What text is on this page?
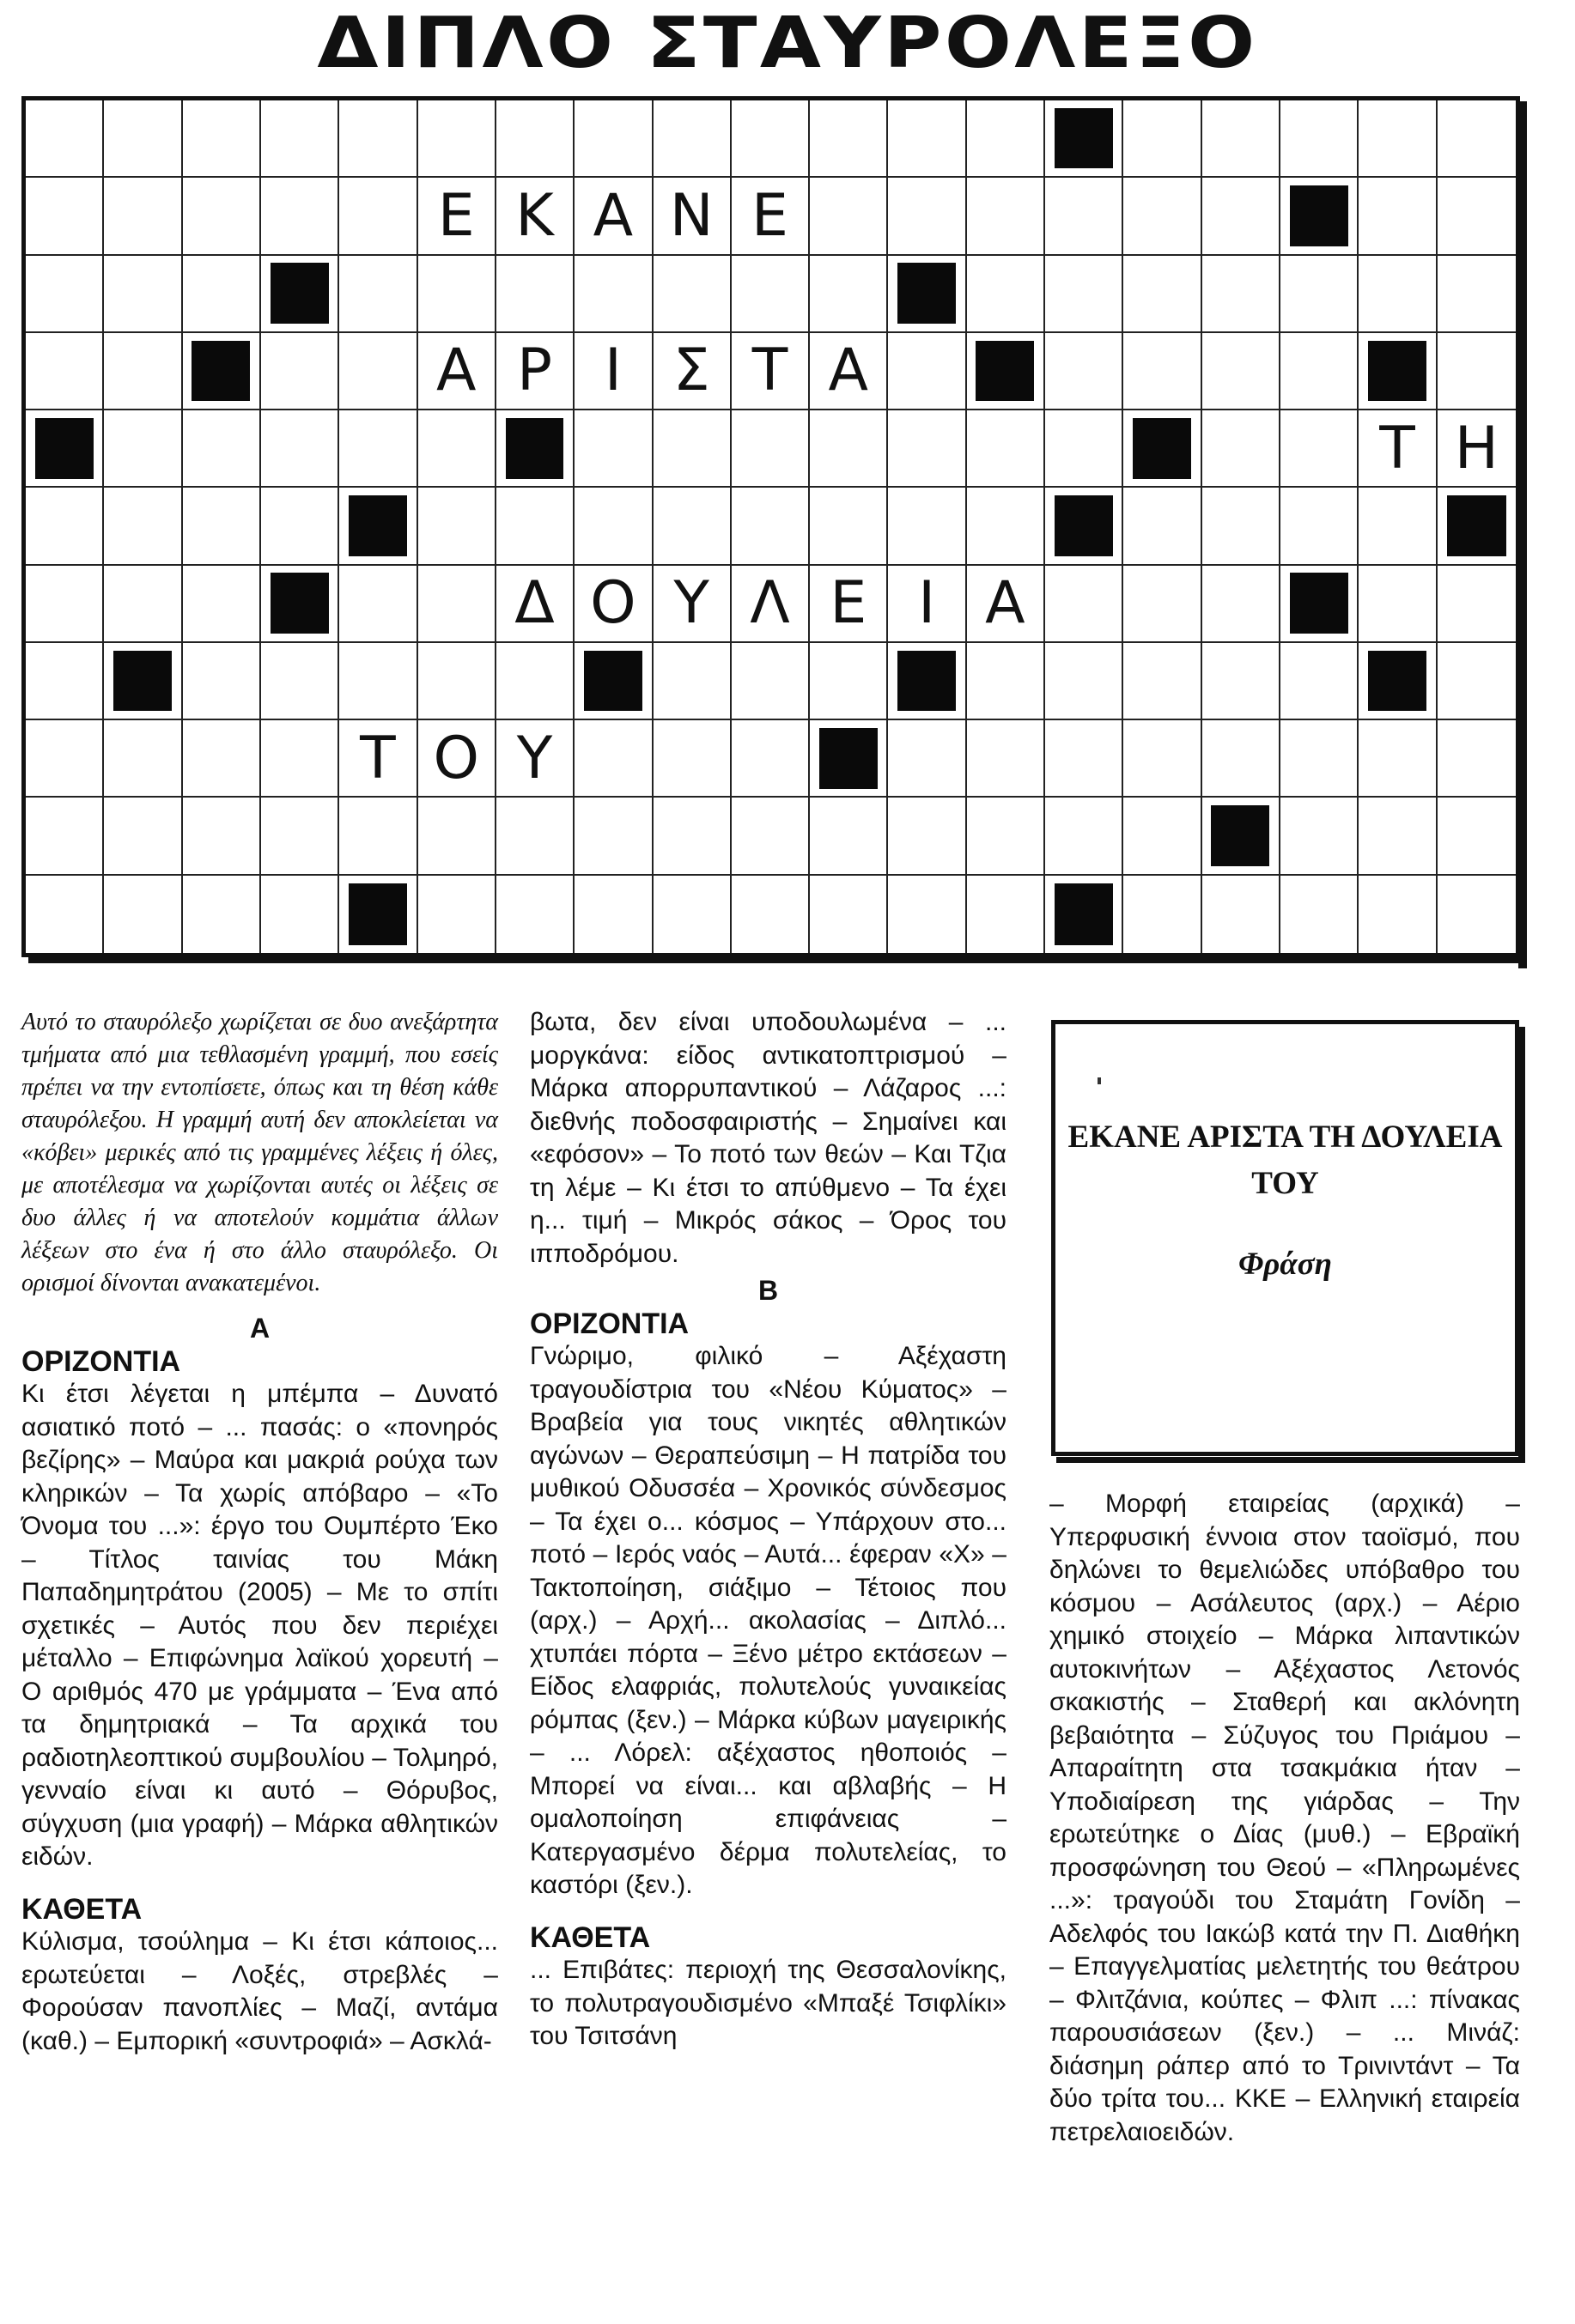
ΔΙΠΛΟ ΣΤΑΥΡΟΛΕΞΟ
Ε Κ Α Ν Ε
Α Ρ Ι Σ Τ Α
Τ Η
Δ Ο Υ Λ Ε Ι Α
Τ Ο Υ
Αυτό το σταυρόλεξο χωρίζεται σε δυο ανεξάρτητα τμήματα από μια τεθλασμένη γραμμή, που εσείς πρέπει να την εντοπίσετε, όπως και τη θέση κάθε σταυρόλεξου. Η γραμμή αυτή δεν αποκλείεται να «κόβει» μερικές από τις γραμμένες λέξεις ή όλες, με αποτέλεσμα να χωρίζονται αυτές οι λέξεις σε δυο άλλες ή να αποτελούν κομμάτια άλλων λέξεων στο ένα ή στο άλλο σταυρόλεξο. Οι ορισμοί δίνονται ανακατεμένοι.
Α
ΟΡΙΖΟΝΤΙΑ
Κι έτσι λέγεται η μπέμπα – Δυνατό ασιατικό ποτό – ... πασάς: ο «πονηρός βεζίρης» – Μαύρα και μακριά ρούχα των κληρικών – Τα χωρίς απόβαρο – «Το Όνομα του ...»: έργο του Ουμπέρτο Έκο – Τίτλος ταινίας του Μάκη Παπαδημητράτου (2005) – Με το σπίτι σχετικές – Αυτός που δεν περιέχει μέταλλο – Επιφώνημα λαϊκού χορευτή – Ο αριθμός 470 με γράμματα – Ένα από τα δημητριακά – Τα αρχικά του ραδιοτηλεοπτικού συμβουλίου – Τολμηρό, γενναίο είναι κι αυτό – Θόρυβος, σύγχυση (μια γραφή) – Μάρκα αθλητικών ειδών.
ΚΑΘΕΤΑ
Κύλισμα, τσούλημα – Κι έτσι κάποιος... ερωτεύεται – Λοξές, στρεβλές – Φορούσαν πανοπλίες – Μαζί, αντάμα (καθ.) – Εμπορική «συντροφιά» – Ασκλά-
βωτα, δεν είναι υποδουλωμένα – ... μοργκάνα: είδος αντικατοπτρισμού – Μάρκα απορρυπαντικού – Λάζαρος ...: διεθνής ποδοσφαιριστής – Σημαίνει και «εφόσον» – Το ποτό των θεών – Και Τζια τη λέμε – Κι έτσι το απύθμενο – Τα έχει η... τιμή – Μικρός σάκος – Όρος του ιπποδρόμου.
Β
ΟΡΙΖΟΝΤΙΑ
Γνώριμο, φιλικό – Αξέχαστη τραγουδίστρια του «Νέου Κύματος» – Βραβεία για τους νικητές αθλητικών αγώνων – Θεραπεύσιμη – Η πατρίδα του μυθικού Οδυσσέα – Χρονικός σύνδεσμος – Τα έχει ο... κόσμος – Υπάρχουν στο... ποτό – Ιερός ναός – Αυτά... έφεραν «Χ» – Τακτοποίηση, σιάξιμο – Τέτοιος που (αρχ.) – Αρχή... ακολασίας – Διπλό... χτυπάει πόρτα – Ξένο μέτρο εκτάσεων – Είδος ελαφριάς, πολυτελούς γυναικείας ρόμπας (ξεν.) – Μάρκα κύβων μαγειρικής – ... Λόρελ: αξέχαστος ηθοποιός – Μπορεί να είναι... και αβλαβής – Η ομαλοποίηση επιφάνειας – Κατεργασμένο δέρμα πολυτελείας, το καστόρι (ξεν.).
ΚΑΘΕΤΑ
... Επιβάτες: περιοχή της Θεσσαλονίκης, το πολυτραγουδισμένο «Μπαξέ Τσιφλίκι» του Τσιτσάνη
ΕΚΑΝΕ ΑΡΙΣΤΑ ΤΗ ΔΟΥΛΕΙΑ ΤΟΥ
Φράση
– Μορφή εταιρείας (αρχικά) – Υπερφυσική έννοια στον ταοϊσμό, που δηλώνει το θεμελιώδες υπόβαθρο του κόσμου – Ασάλευτος (αρχ.) – Αέριο χημικό στοιχείο – Μάρκα λιπαντικών αυτοκινήτων – Αξέχαστος Λετονός σκακιστής – Σταθερή και ακλόνητη βεβαιότητα – Σύζυγος του Πριάμου – Απαραίτητη στα τσακμάκια ήταν – Υποδιαίρεση της γιάρδας – Την ερωτεύτηκε ο Δίας (μυθ.) – Εβραϊκή προσφώνηση του Θεού – «Πληρωμένες ...»: τραγούδι του Σταμάτη Γονίδη – Αδελφός του Ιακώβ κατά την Π. Διαθήκη – Επαγγελματίας μελετητής του θεάτρου – Φλιτζάνια, κούπες – Φλιπ ...: πίνακας παρουσιάσεων (ξεν.) – ... Μινάζ: διάσημη ράπερ από το Τρινιντάντ – Τα δύο τρίτα του... ΚΚΕ – Ελληνική εταιρεία πετρελαιοειδών.
